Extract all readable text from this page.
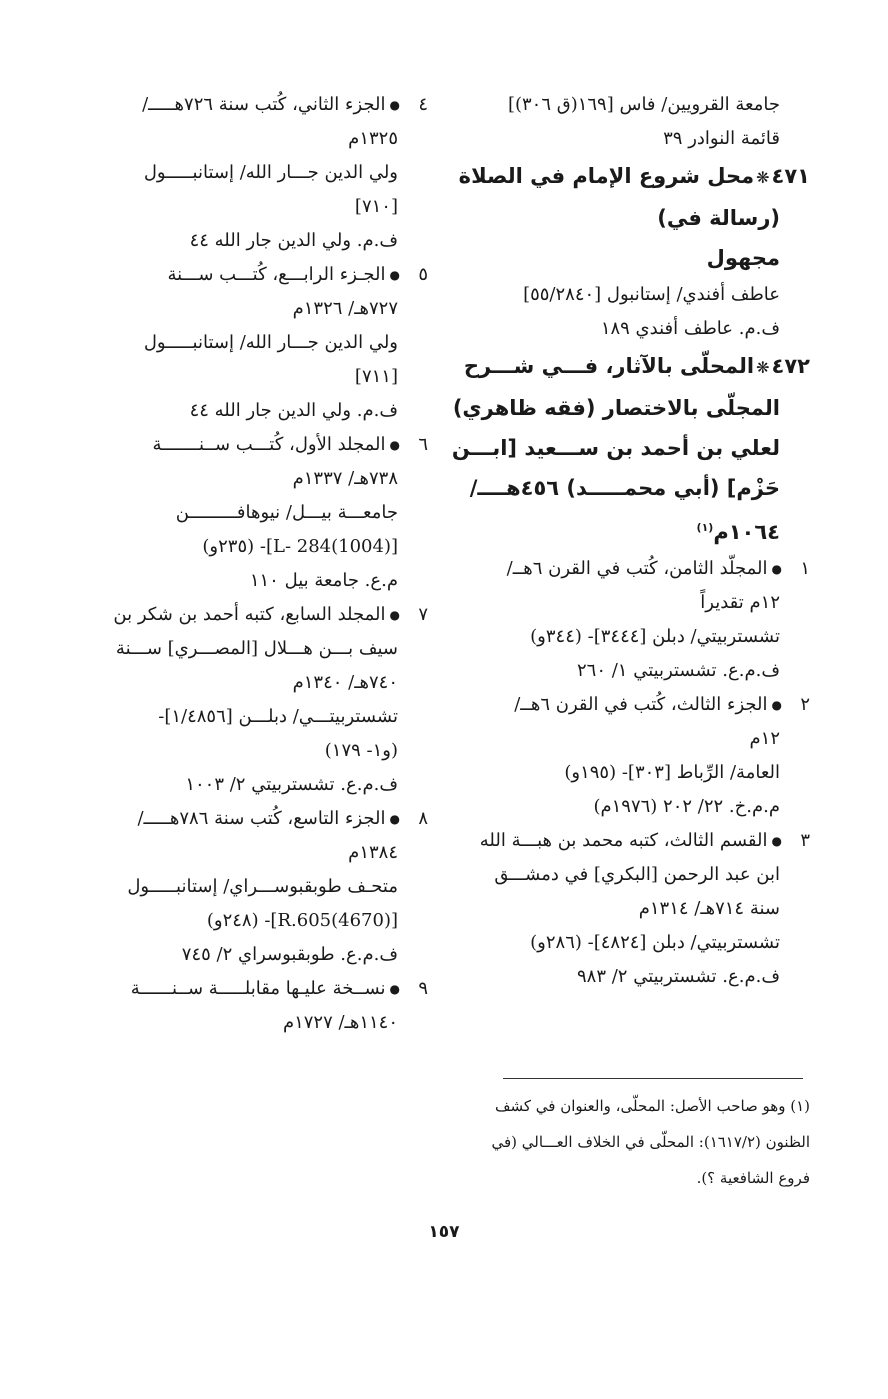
جامعة القرويين/ فاس [١٦٩(ق ٣٠٦)]
قائمة النوادر ٣٩
٤٧١❋محل شروع الإمام في الصلاة
(رسالة في)
مجهول
عاطف أفندي/ إستانبول [٥٥/٢٨٤٠]
ف.م. عاطف أفندي ١٨٩
٤٧٢❋المحلّى بالآثار، فـــي شـــرح
المجلّى بالاختصار (فقه ظاهري)
لعلي بن أحمد بن ســـعيد [ابـــن
حَزْم] (أبي محمـــــد) ٤٥٦هــــ/
١٠٦٤م$^{(١)}$
١●المجلّد الثامن، كُتب في القرن ٦هــ/
١٢م تقديراً
تشستربيتي/ دبلن [٣٤٤٤]- (٣٤٤و)
ف.م.ع. تشستربيتي ١/ ٢٦٠
٢●الجزء الثالث، كُتب في القرن ٦هــ/
١٢م
العامة/ الرِّباط [٣٠٣]- (١٩٥و)
م.م.خ. ٢٢/ ٢٠٢ (١٩٧٦م)
٣●القسم الثالث، كتبه محمد بن هبـــة الله
ابن عبد الرحمن [البكري] في دمشـــق
سنة ٧١٤هـ/ ١٣١٤م
تشستربيتي/ دبلن [٤٨٢٤]- (٢٨٦و)
ف.م.ع. تشستربيتي ٢/ ٩٨٣
٤●الجزء الثاني، كُتب سنة ٧٢٦هـــــ/
١٣٢٥م
ولي الدين جـــار الله/ إستانبـــــول
[٧١٠]
ف.م. ولي الدين جار الله ٤٤
٥●الجـزء الرابـــع، كُتـــب ســـنة
٧٢٧هـ/ ١٣٢٦م
ولي الدين جـــار الله/ إستانبـــــول
[٧١١]
ف.م. ولي الدين جار الله ٤٤
٦●المجلد الأول، كُتـــب ســنـــــــة
٧٣٨هـ/ ١٣٣٧م
جامعـــة بيـــل/ نيوهافـــــــــن
[(1004)L- 284]- (٢٣٥و)
م.ع. جامعة بيل ١١٠
٧●المجلد السابع، كتبه أحمد بن شكر بن
سيف بـــن هـــلال [المصـــري] ســـنة
٧٤٠هـ/ ١٣٤٠م
تشستربيتـــي/ دبلـــن [١/٤٨٥٦]-
(و١- ١٧٩)
ف.م.ع. تشستربيتي ٢/ ١٠٠٣
٨●الجزء التاسع، كُتب سنة ٧٨٦هـــــ/
١٣٨٤م
متحـف طوبقبوســـراي/ إستانبـــــول
[(4670)R.605]- (٢٤٨و)
ف.م.ع. طوبقبوسراي ٢/ ٧٤٥
٩●نســخة عليـها مقابلـــــة ســنــــــة
١١٤٠هـ/ ١٧٢٧م
(١) وهو صاحب الأصل: المحلّى، والعنوان في كشف
الظنون (١٦١٧/٢): المحلّى في الخلاف العـــالي (في
فروع الشافعية ؟).
١٥٧
